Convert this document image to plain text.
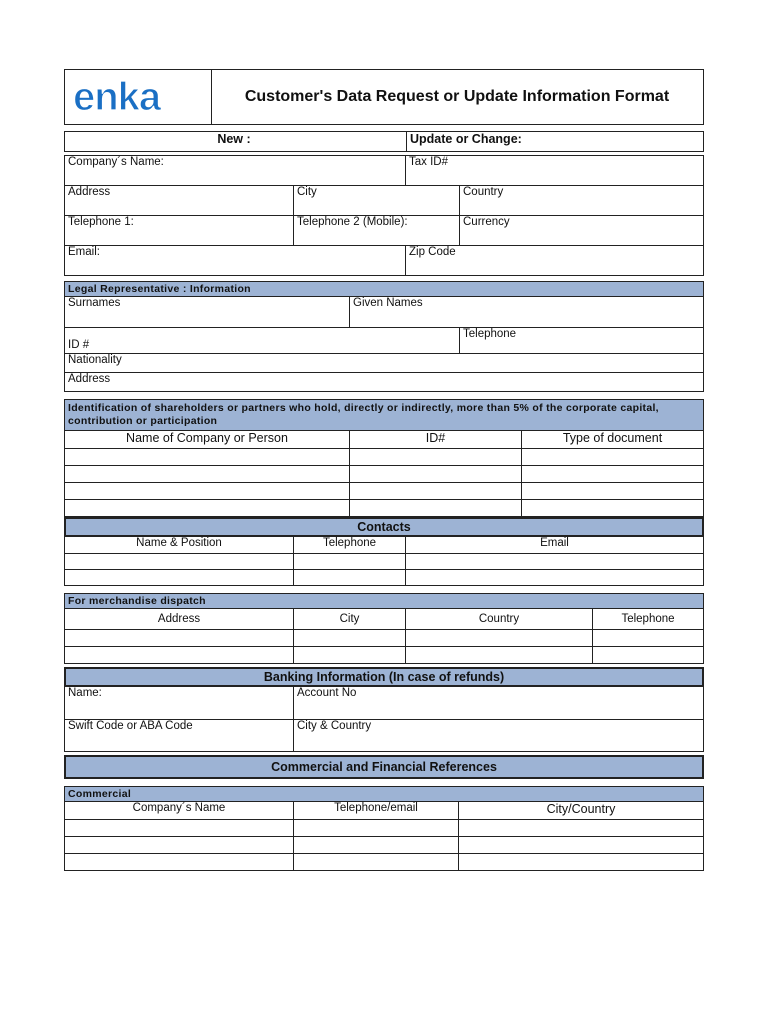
enka	Customer's Data Request or Update Information Format
New :	Update or Change:
Company´s Name:		Tax ID#	
Address	City		Country
Telephone 1:	Telephone 2 (Mobile):		Currency
Email:		Zip Code	
Legal Representative : Information
Surnames	Given Names	
ID #		Telephone
Nationality		
Address		
Identification of shareholders or partners who hold, directly or indirectly, more than 5% of the corporate capital, contribution or participation
Name of Company or Person	ID#	Type of document

Contacts
Name & Position	Telephone	Email

For merchandise dispatch
Address	City	Country	Telephone

Banking Information (In case of refunds)
Name:	Account No
Swift Code or ABA Code	City & Country
Commercial and Financial References
Commercial
Company´s Name	Telephone/email	City/Country
